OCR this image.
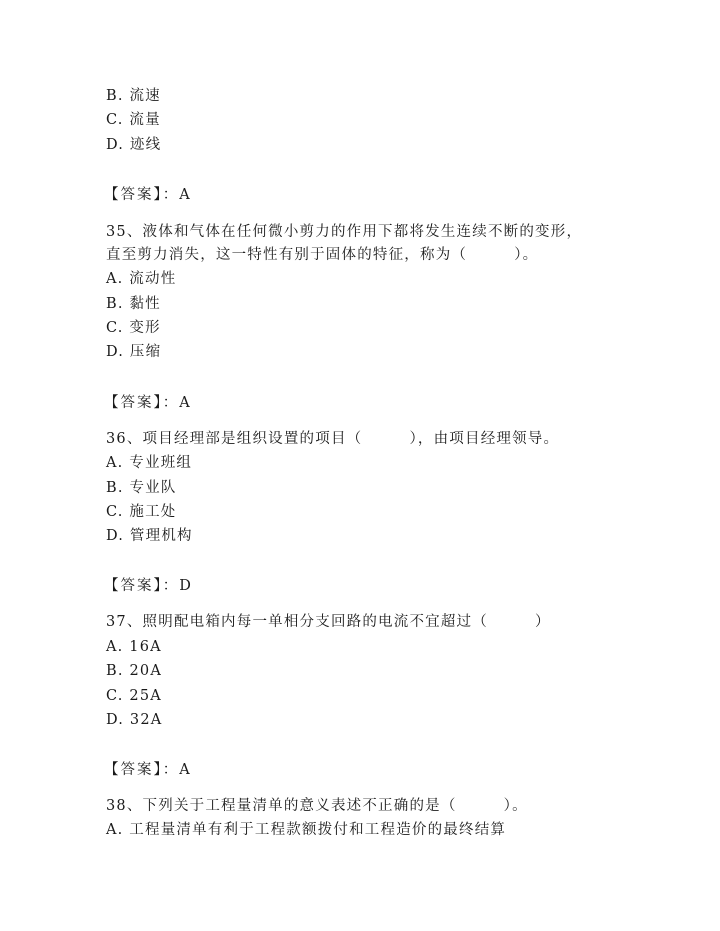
B. 流速
C. 流量
D. 迹线
【答案】：A
35、液体和气体在任何微小剪力的作用下都将发生连续不断的变形，
直至剪力消失，这一特性有别于固体的特征，称为（　　　）。
A. 流动性
B. 黏性
C. 变形
D. 压缩
【答案】：A
36、项目经理部是组织设置的项目（　　　），由项目经理领导。
A. 专业班组
B. 专业队
C. 施工处
D. 管理机构
【答案】：D
37、照明配电箱内每一单相分支回路的电流不宜超过（　　　）
A. 16A
B. 20A
C. 25A
D. 32A
【答案】：A
38、下列关于工程量清单的意义表述不正确的是（　　　）。
A. 工程量清单有利于工程款额拨付和工程造价的最终结算
